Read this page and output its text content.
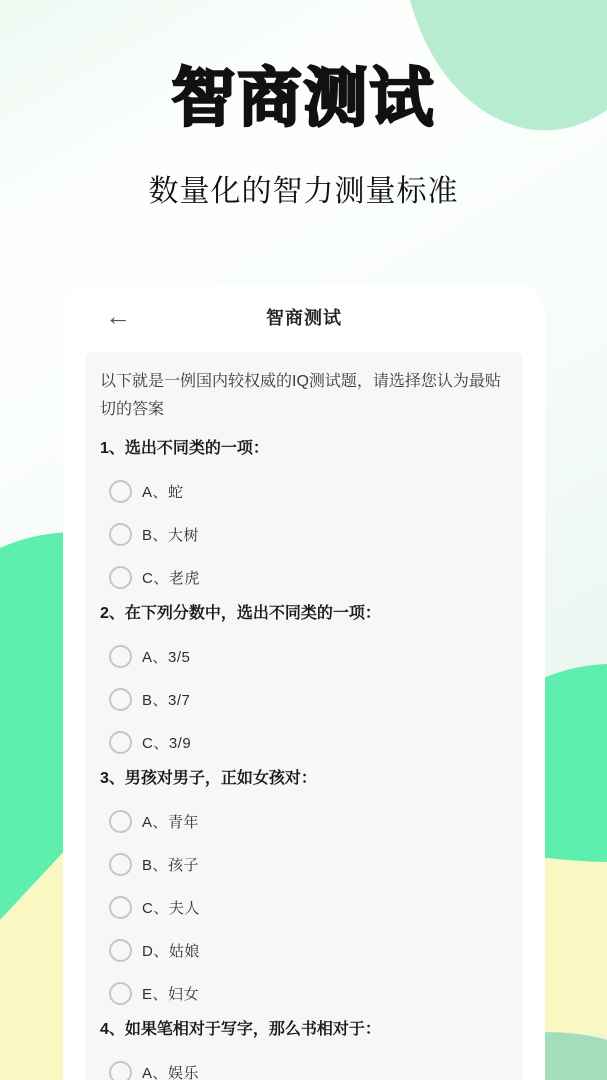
智商测试
数量化的智力测量标准
←	智商测试

以下就是一例国内较权威的IQ测试题，请选择您认为最贴切的答案

1、选出不同类的一项：
A、蛇
B、大树
C、老虎
2、在下列分数中，选出不同类的一项：
A、3/5
B、3/7
C、3/9
3、男孩对男子，正如女孩对：
A、青年
B、孩子
C、夫人
D、姑娘
E、妇女
4、如果笔相对于写字，那么书相对于：
A、娱乐
